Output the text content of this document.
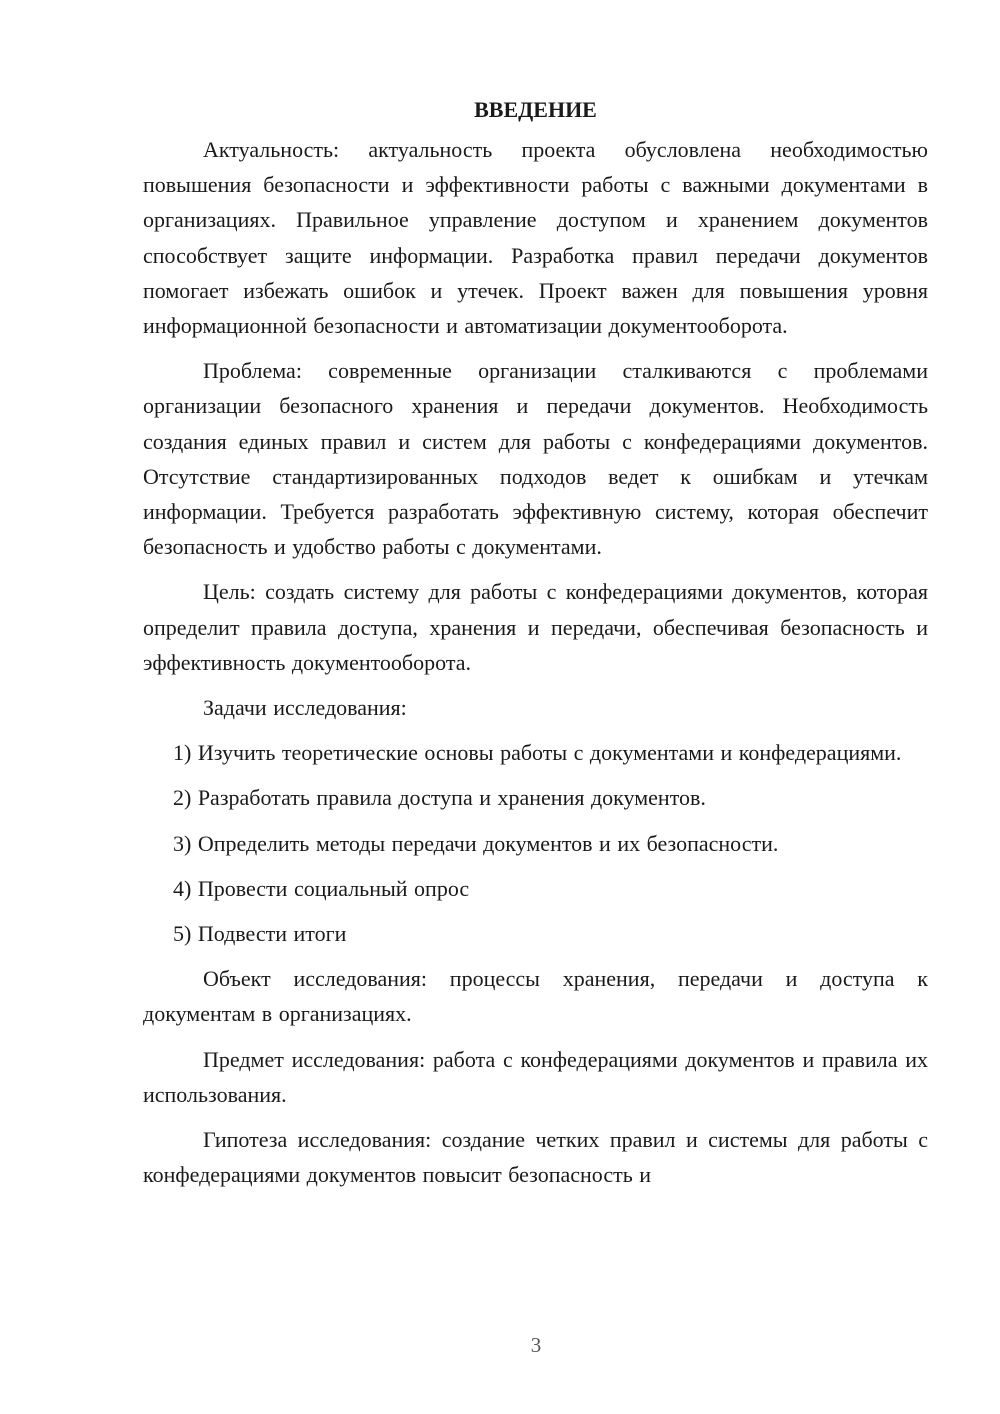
ВВЕДЕНИЕ

Актуальность: актуальность проекта обусловлена необходимостью повышения безопасности и эффективности работы с важными документами в организациях. Правильное управление доступом и хранением документов способствует защите информации. Разработка правил передачи документов помогает избежать ошибок и утечек. Проект важен для повышения уровня информационной безопасности и автоматизации документооборота.

Проблема: современные организации сталкиваются с проблемами организации безопасного хранения и передачи документов. Необходимость создания единых правил и систем для работы с конфедерациями документов. Отсутствие стандартизированных подходов ведет к ошибкам и утечкам информации. Требуется разработать эффективную систему, которая обеспечит безопасность и удобство работы с документами.

Цель: создать систему для работы с конфедерациями документов, которая определит правила доступа, хранения и передачи, обеспечивая безопасность и эффективность документооборота.

Задачи исследования:

1) Изучить теоретические основы работы с документами и конфедерациями.

2) Разработать правила доступа и хранения документов.

3) Определить методы передачи документов и их безопасности.

4) Провести социальный опрос

5) Подвести итоги

Объект исследования: процессы хранения, передачи и доступа к документам в организациях.

Предмет исследования: работа с конфедерациями документов и правила их использования.

Гипотеза исследования: создание четких правил и системы для работы с конфедерациями документов повысит безопасность и

3
